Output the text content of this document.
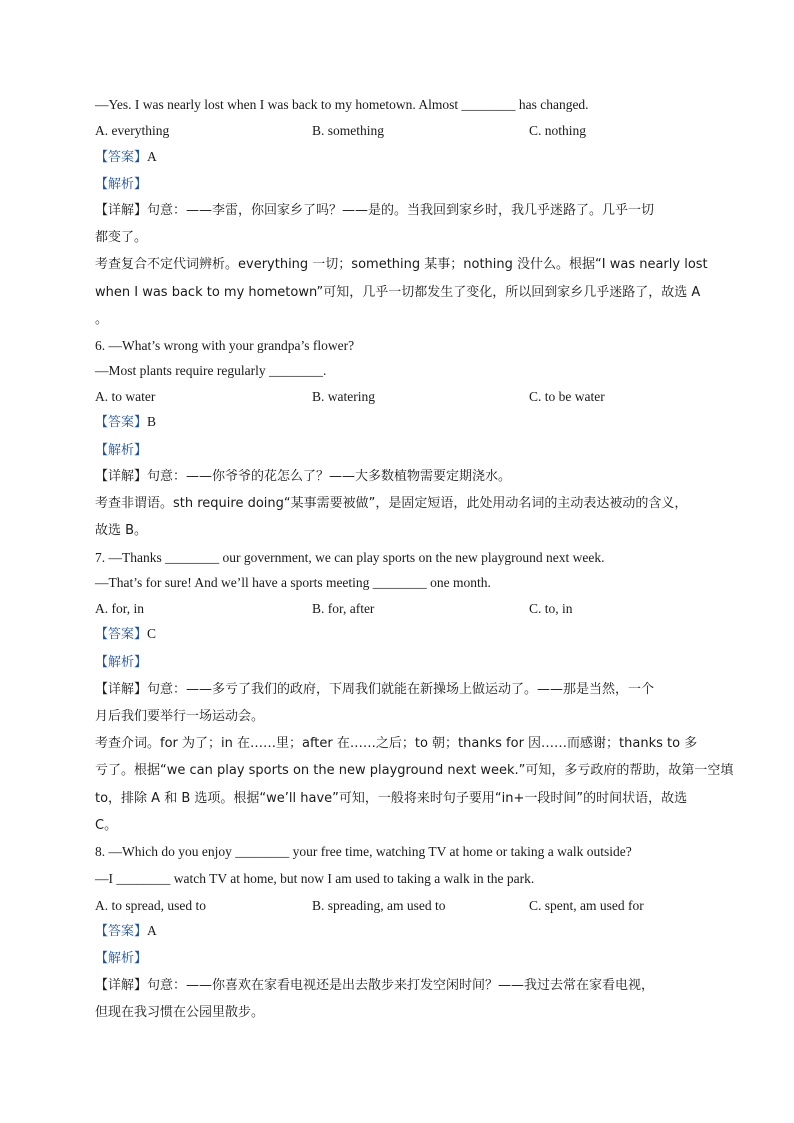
—Yes. I was nearly lost when I was back to my hometown. Almost ________ has changed.
A. everything	B. something	C. nothing
【答案】A
【解析】
【详解】句意：——李雷，你回家乡了吗？——是的。当我回到家乡时，我几乎迷路了。几乎一切
都变了。
考查复合不定代词辨析。everything 一切；something 某事；nothing 没什么。根据“I was nearly lost
when I was back to my hometown”可知，几乎一切都发生了变化，所以回到家乡几乎迷路了，故选 A
。
6. —What’s wrong with your grandpa’s flower?
—Most plants require regularly ________.
A. to water	B. watering	C. to be water
【答案】B
【解析】
【详解】句意：——你爷爷的花怎么了？——大多数植物需要定期浇水。
考查非谓语。sth require doing“某事需要被做”，是固定短语，此处用动名词的主动表达被动的含义，
故选 B。
7. —Thanks ________ our government, we can play sports on the new playground next week.
—That’s for sure! And we’ll have a sports meeting ________ one month.
A. for, in	B. for, after	C. to, in
【答案】C
【解析】
【详解】句意：——多亏了我们的政府，下周我们就能在新操场上做运动了。——那是当然，一个
月后我们要举行一场运动会。
考查介词。for 为了；in 在……里；after 在……之后；to 朝；thanks for 因……而感谢；thanks to 多
亏了。根据“we can play sports on the new playground next week.”可知，多亏政府的帮助，故第一空填
to，排除 A 和 B 选项。根据“we’ll have”可知，一般将来时句子要用“in+一段时间”的时间状语，故选
C。
8. —Which do you enjoy ________ your free time, watching TV at home or taking a walk outside?
—I ________ watch TV at home, but now I am used to taking a walk in the park.
A. to spread, used to	B. spreading, am used to	C. spent, am used for
【答案】A
【解析】
【详解】句意：——你喜欢在家看电视还是出去散步来打发空闲时间？——我过去常在家看电视，
但现在我习惯在公园里散步。
